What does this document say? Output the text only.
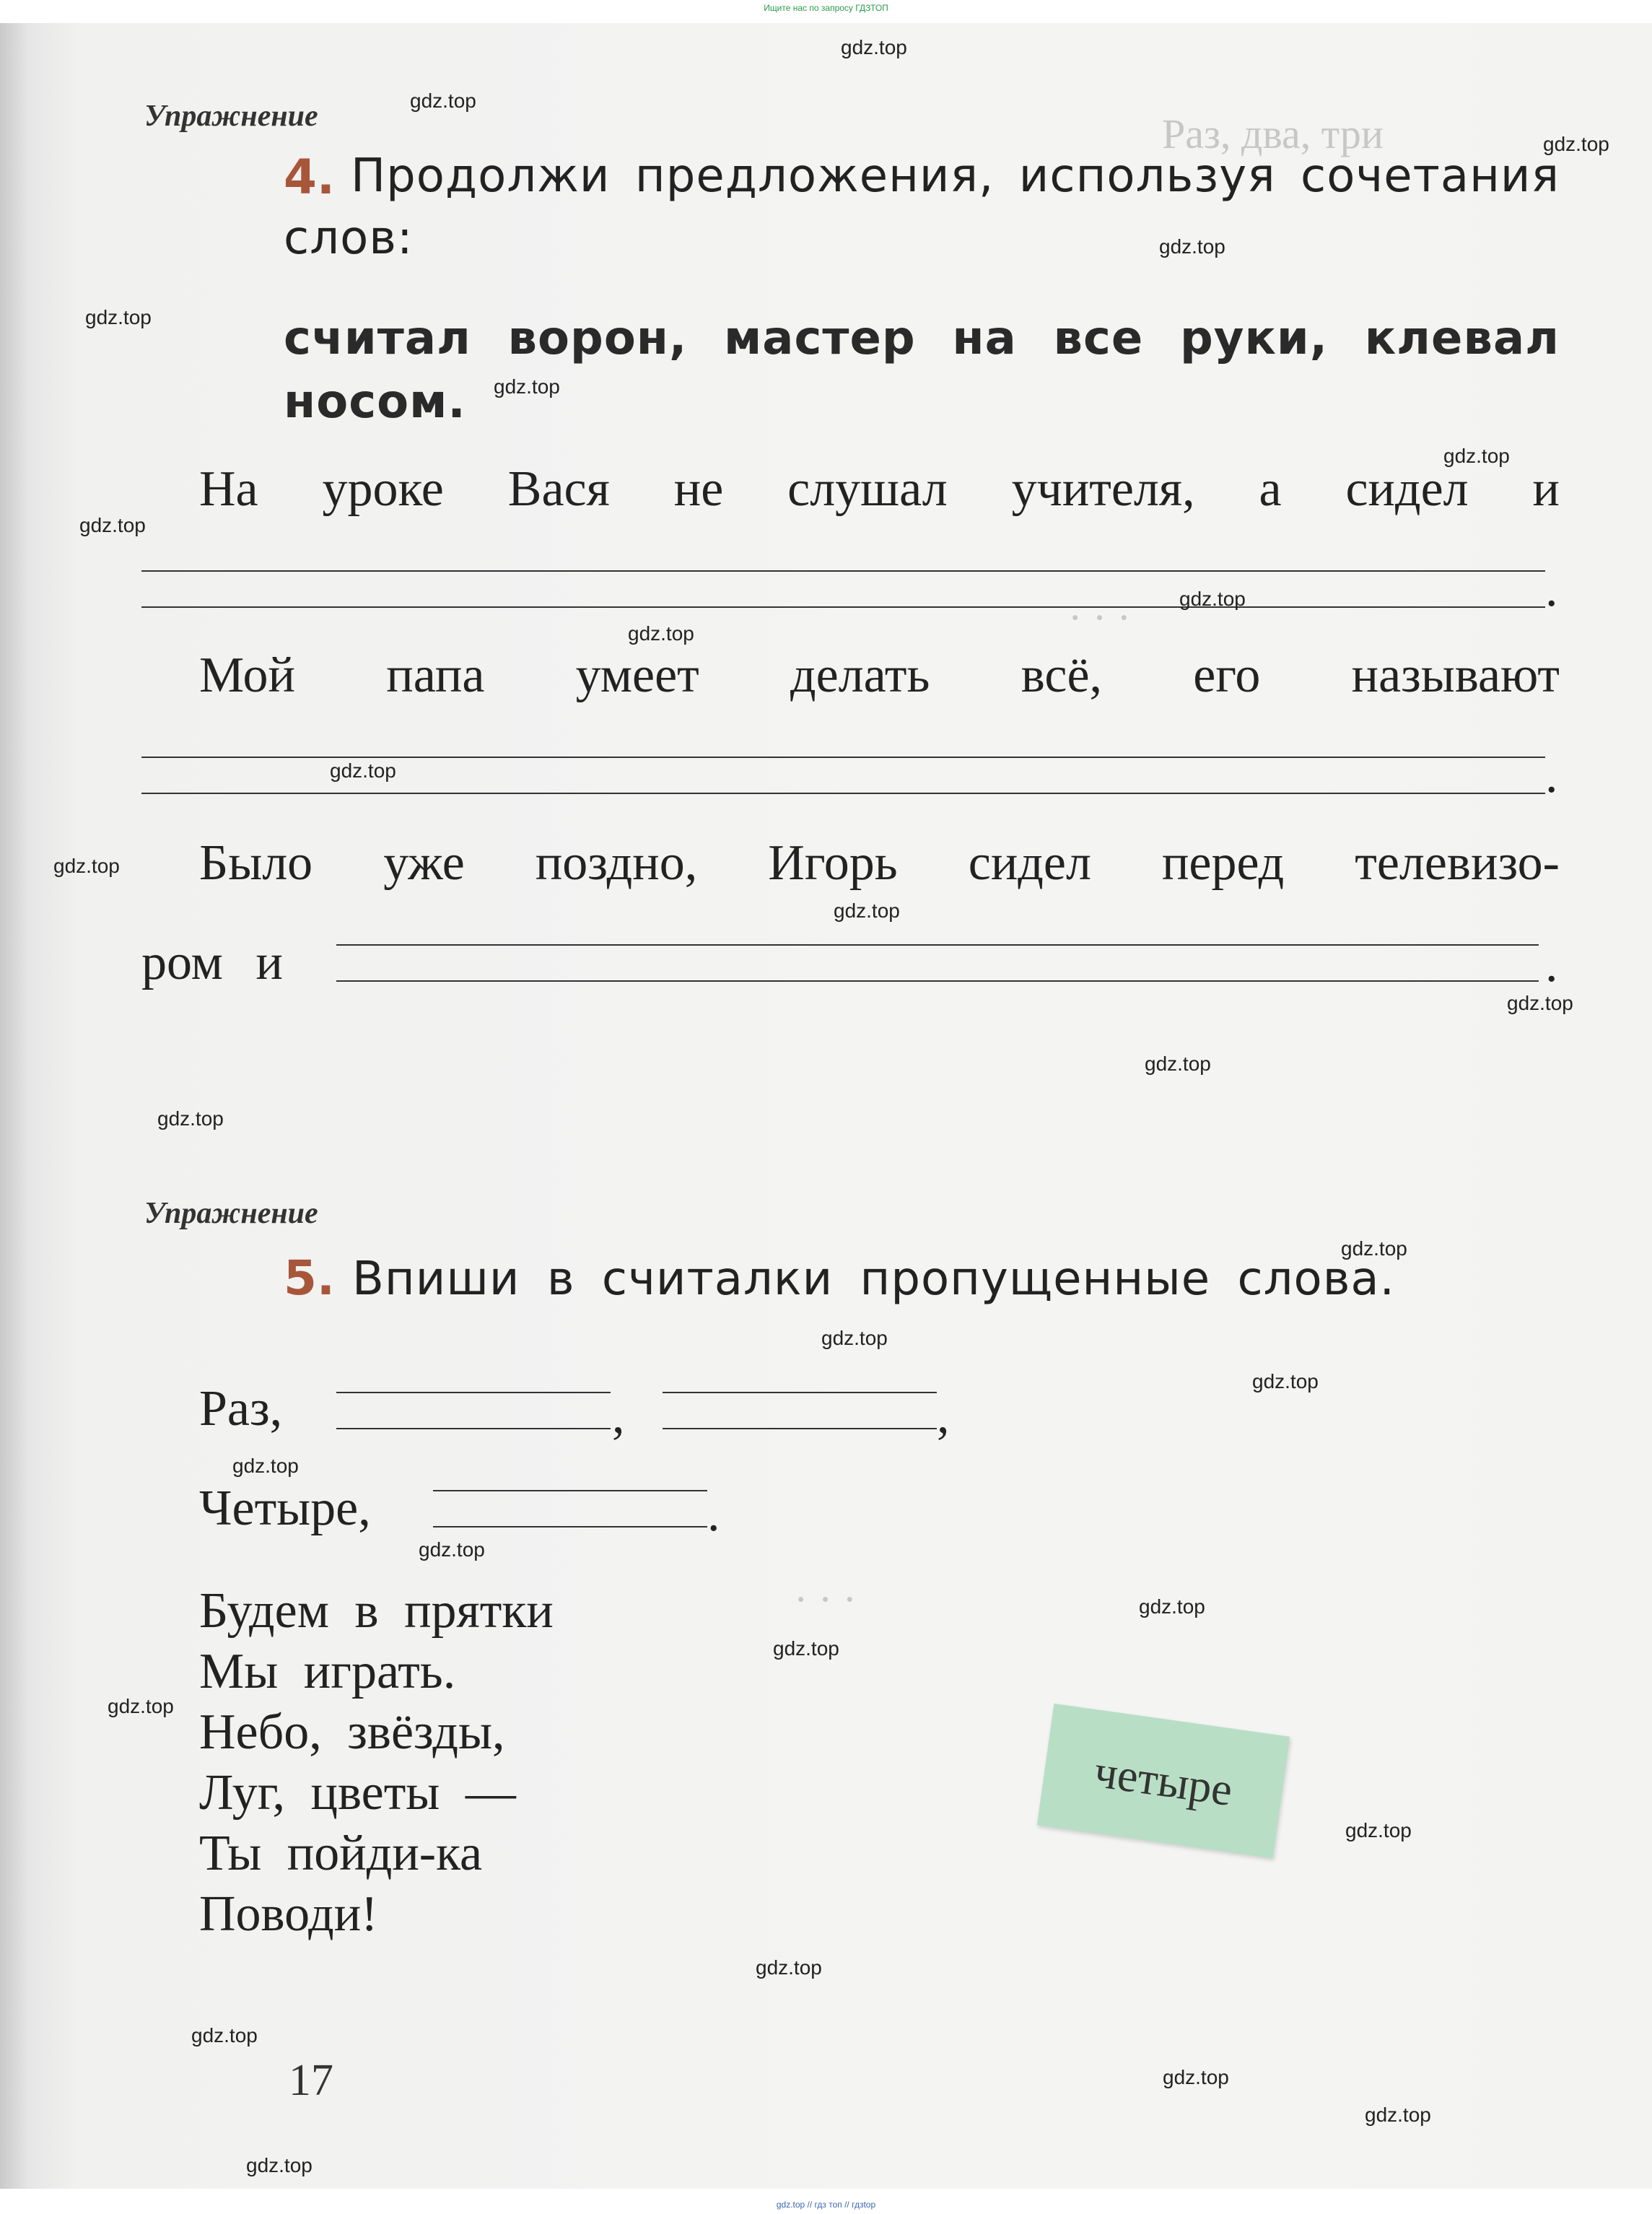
Ищите нас по запросу ГДЗТОП
Раз, два, три
· · ·
· · ·
Упражнение
4. Продолжи предложения, используя сочетания
слов:
считал ворон, мастер на все руки, клевал
носом.
На уроке Вася не слушал учителя, а сидел и
.
Мой папа умеет делать всё, его называют
.
Было уже поздно, Игорь сидел перед телевизо-
ром и	.
Упражнение
5. Впиши в считалки пропущенные слова.
Раз,	,	,
Четыре,	.
Будем в прятки
Мы играть.
Небо, звёзды,
Луг, цветы —
Ты пойди-ка
Поводи!
четыре
17
gdz.top
gdz.top
gdz.top
gdz.top
gdz.top
gdz.top
gdz.top
gdz.top
gdz.top
gdz.top
gdz.top
gdz.top
gdz.top
gdz.top
gdz.top
gdz.top
gdz.top
gdz.top
gdz.top
gdz.top
gdz.top
gdz.top
gdz.top
gdz.top
gdz.top
gdz.top
gdz.top
gdz.top
gdz.top
gdz.top
gdz.top // гдз топ // гдзtop
